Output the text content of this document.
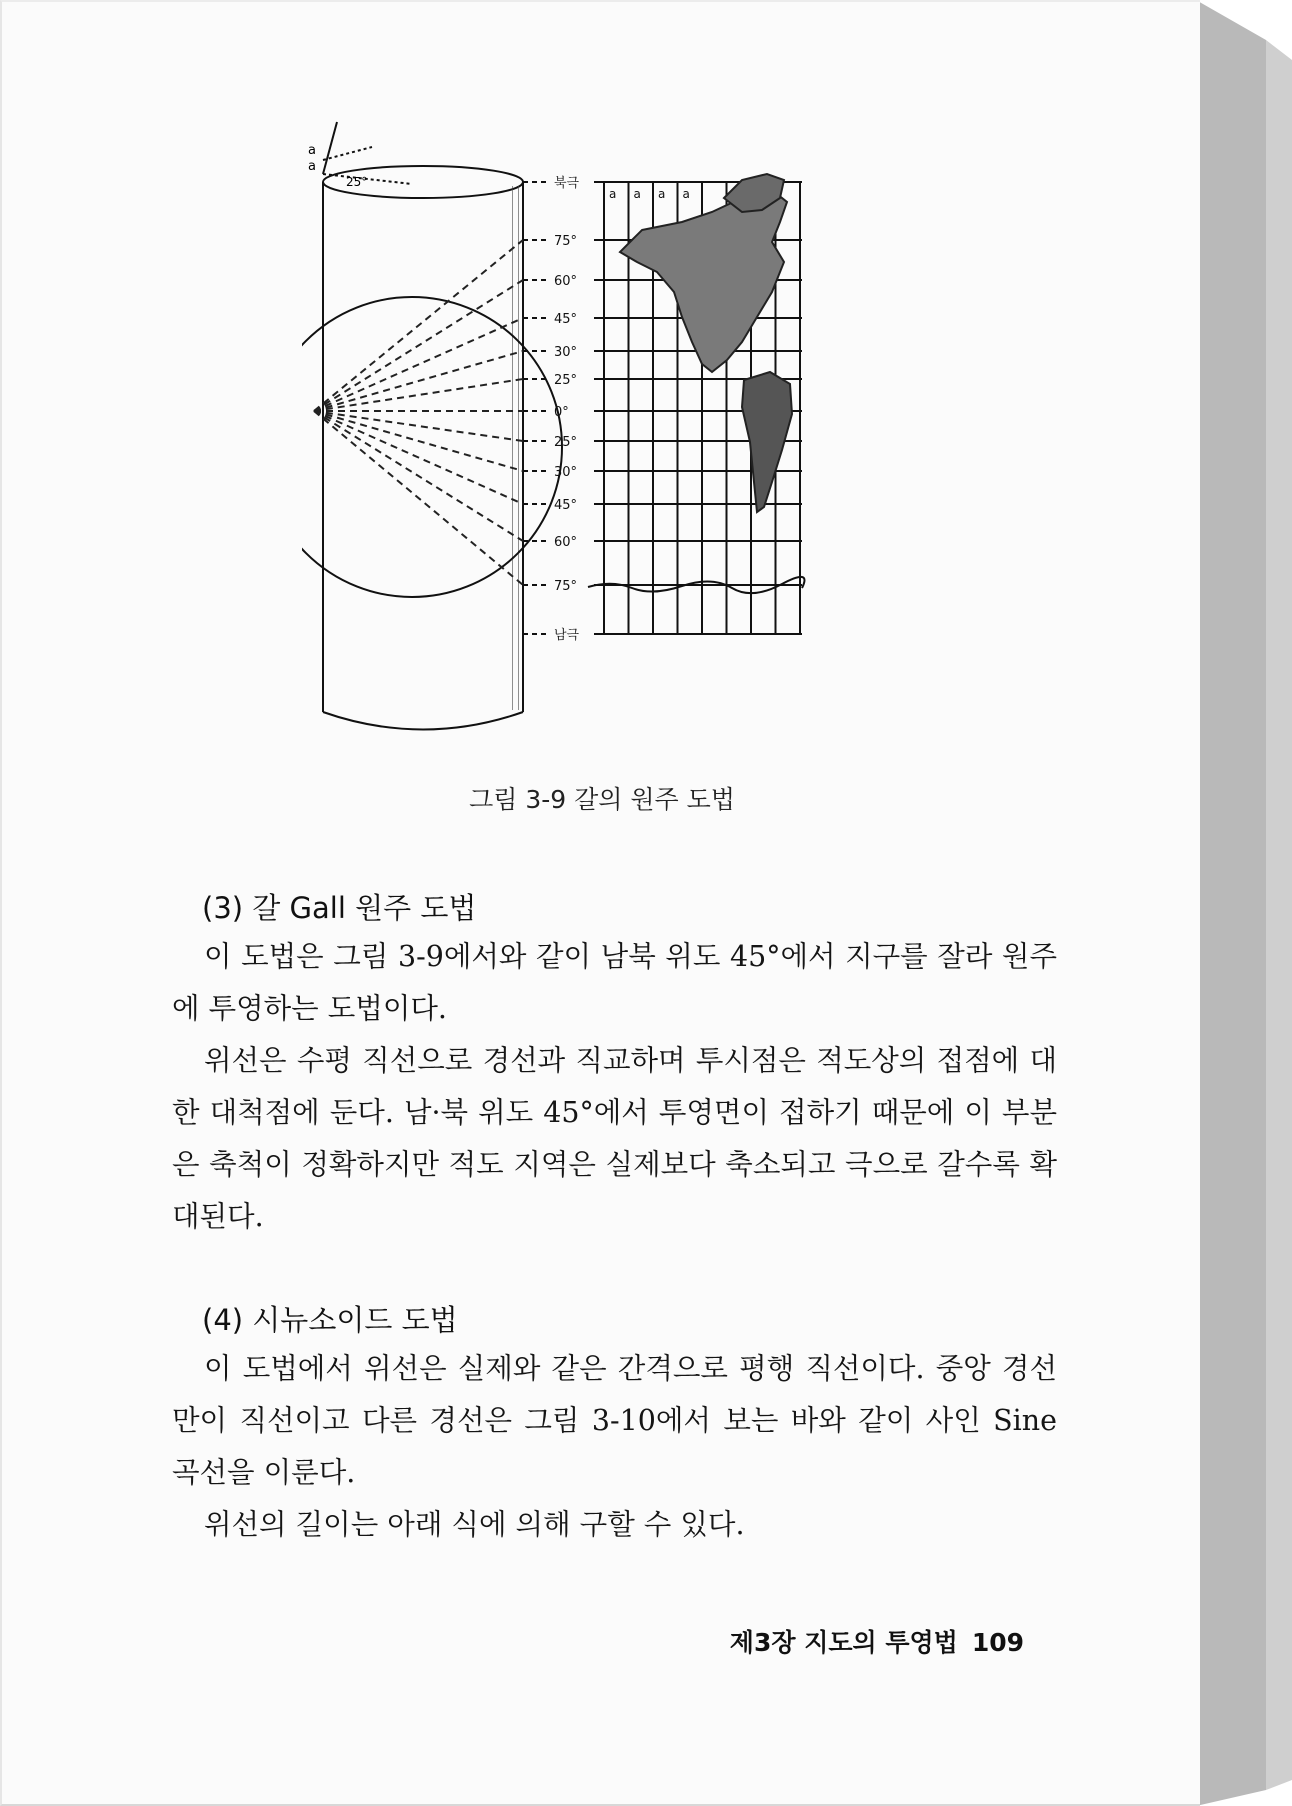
a
a
25°	북극
75°
60°
45°
30°
25°
0°
25°
30°
45°
60°
75°
남극
a a a a
그림 3-9 갈의 원주 도법
(3) 갈 Gall 원주 도법

이 도법은 그림 3-9에서와 같이 남북 위도 45°에서 지구를 잘라 원주에 투영하는 도법이다.

위선은 수평 직선으로 경선과 직교하며 투시점은 적도상의 접점에 대한 대척점에 둔다. 남·북 위도 45°에서 투영면이 접하기 때문에 이 부분은 축척이 정확하지만 적도 지역은 실제보다 축소되고 극으로 갈수록 확대된다.

(4) 시뉴소이드 도법

이 도법에서 위선은 실제와 같은 간격으로 평행 직선이다. 중앙 경선만이 직선이고 다른 경선은 그림 3-10에서 보는 바와 같이 사인 Sine 곡선을 이룬다.

위선의 길이는 아래 식에 의해 구할 수 있다.

제3장 지도의 투영법 109
